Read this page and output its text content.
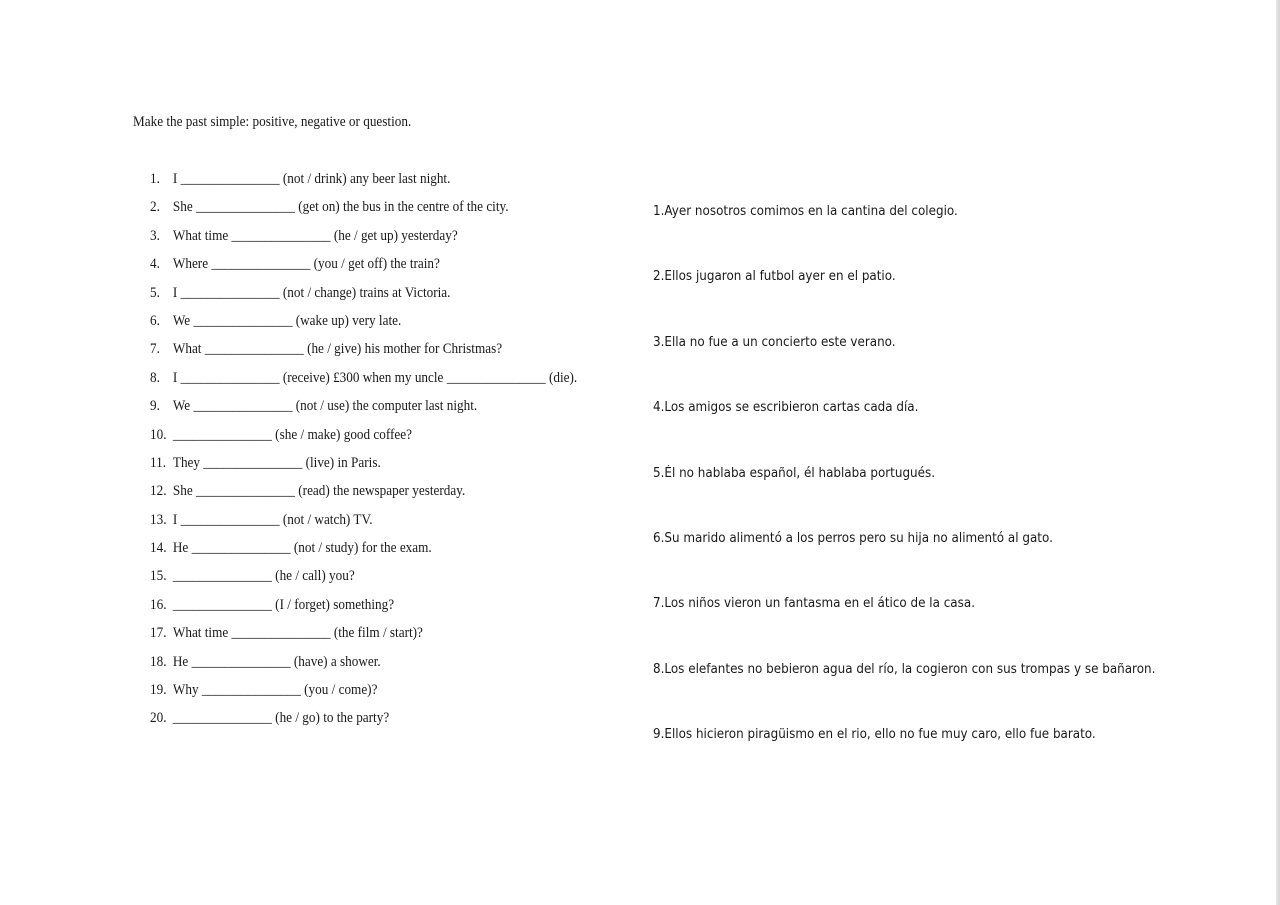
Make the past simple: positive, negative or question.
1. I _______________ (not / drink) any beer last night.
2. She _______________ (get on) the bus in the centre of the city.
3. What time _______________ (he / get up) yesterday?
4. Where _______________ (you / get off) the train?
5. I _______________ (not / change) trains at Victoria.
6. We _______________ (wake up) very late.
7. What _______________ (he / give) his mother for Christmas?
8. I _______________ (receive) £300 when my uncle _______________ (die).
9. We _______________ (not / use) the computer last night.
10. _______________ (she / make) good coffee?
11. They _______________ (live) in Paris.
12. She _______________ (read) the newspaper yesterday.
13. I _______________ (not / watch) TV.
14. He _______________ (not / study) for the exam.
15. _______________ (he / call) you?
16. _______________ (I / forget) something?
17. What time _______________ (the film / start)?
18. He _______________ (have) a shower.
19. Why _______________ (you / come)?
20. _______________ (he / go) to the party?
1.Ayer nosotros comimos en la cantina del colegio.
2.Ellos jugaron al futbol ayer en el patio.
3.Ella no fue a un concierto este verano.
4.Los amigos se escribieron cartas cada día.
5.Él no hablaba español, él hablaba portugués.
6.Su marido alimentó a los perros pero su hija no alimentó al gato.
7.Los niños vieron un fantasma en el ático de la casa.
8.Los elefantes no bebieron agua del río, la cogieron con sus trompas y se bañaron.
9.Ellos hicieron piragüismo en el rio, ello no fue muy caro, ello fue barato.
